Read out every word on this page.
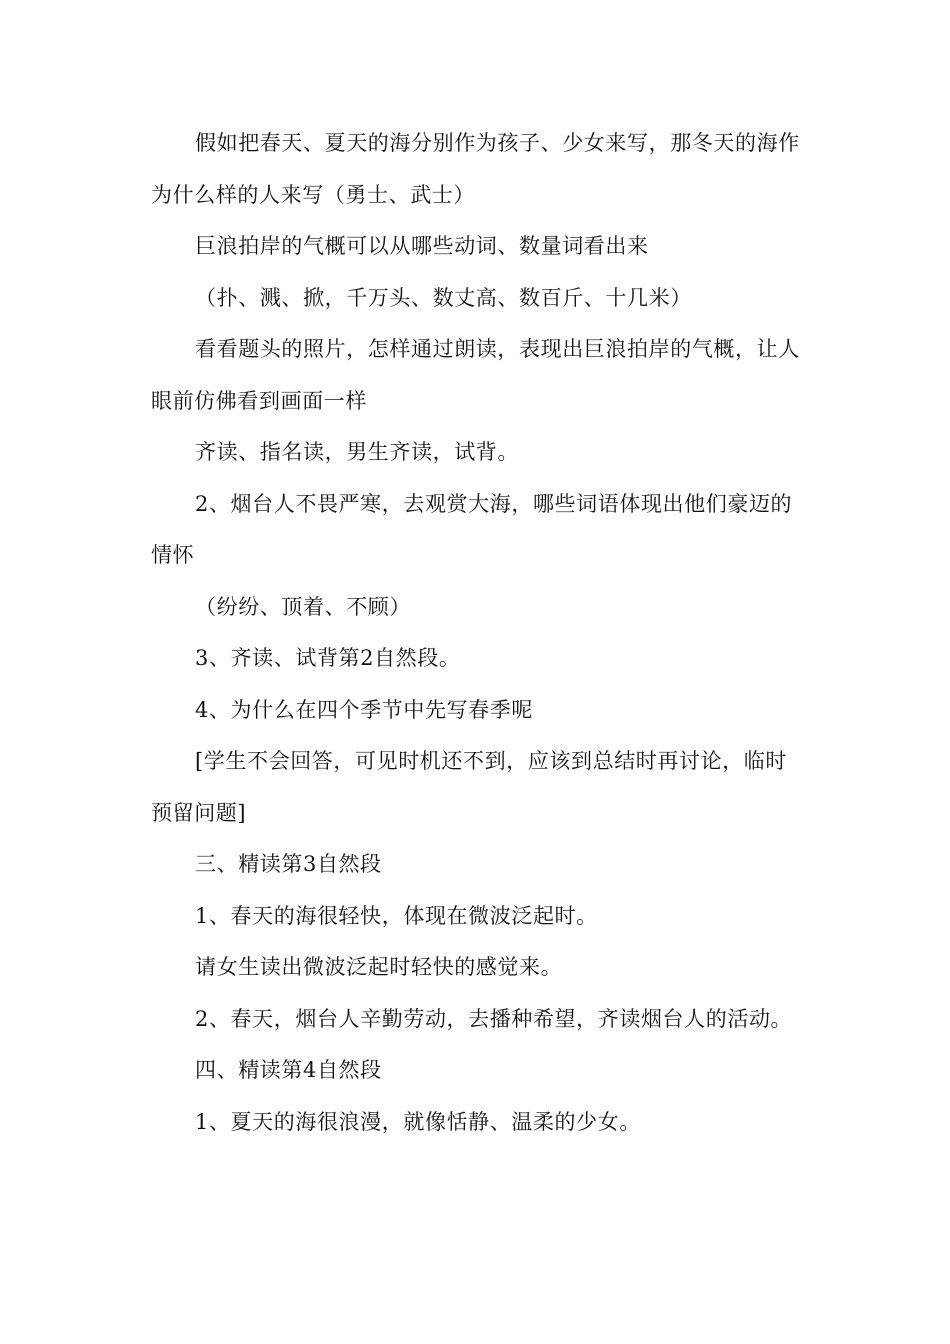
假如把春天、夏天的海分别作为孩子、少女来写，那冬天的海作为什么样的人来写（勇士、武士）

巨浪拍岸的气概可以从哪些动词、数量词看出来

（扑、溅、掀，千万头、数丈高、数百斤、十几米）

看看题头的照片，怎样通过朗读，表现出巨浪拍岸的气概，让人眼前仿佛看到画面一样

齐读、指名读，男生齐读，试背。

2、烟台人不畏严寒，去观赏大海，哪些词语体现出他们豪迈的情怀

（纷纷、顶着、不顾）

3、齐读、试背第2自然段。

4、为什么在四个季节中先写春季呢

[学生不会回答，可见时机还不到，应该到总结时再讨论，临时预留问题]

三、精读第3自然段

1、春天的海很轻快，体现在微波泛起时。

请女生读出微波泛起时轻快的感觉来。

2、春天，烟台人辛勤劳动，去播种希望，齐读烟台人的活动。

四、精读第4自然段

1、夏天的海很浪漫，就像恬静、温柔的少女。
